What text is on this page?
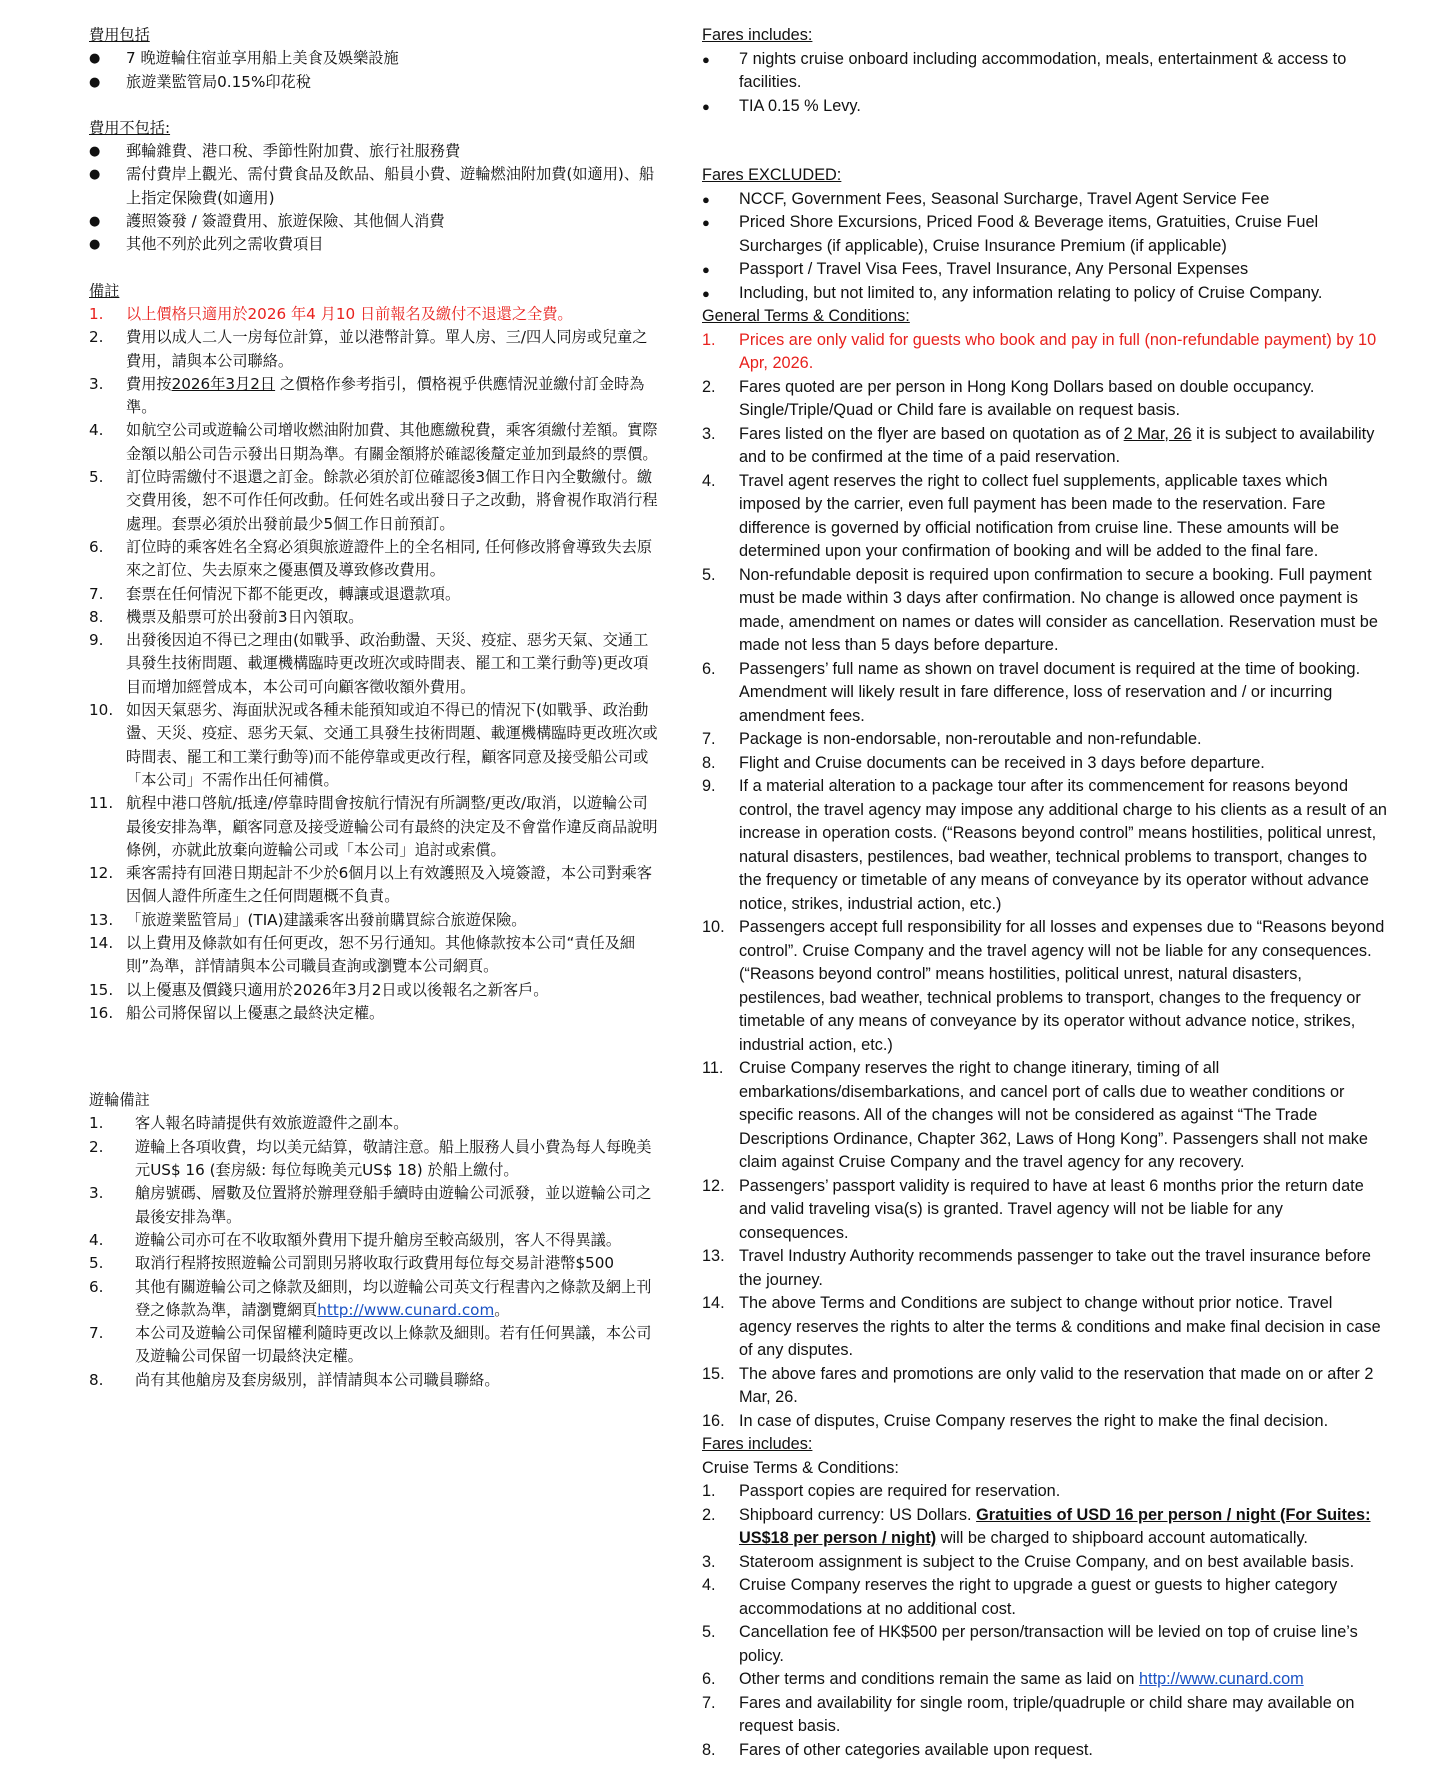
費用包括
● 7 晚遊輪住宿並享用船上美食及娛樂設施
● 旅遊業監管局0.15%印花稅
費用不包括:
● 郵輪雜費、港口稅、季節性附加費、旅行社服務費
● 需付費岸上觀光、需付費食品及飲品、船員小費、遊輪燃油附加費(如適用)、船上指定保險費(如適用)
● 護照簽發 / 簽證費用、旅遊保險、其他個人消費
● 其他不列於此列之需收費項目
備註
1.	以上價格只適用於2026 年4 月10 日前報名及繳付不退還之全費。
2.	費用以成人二人一房每位計算，並以港幣計算。單人房、三/四人同房或兒童之費用，請與本公司聯絡。
3.	費用按2026年3月2日 之價格作參考指引，價格視乎供應情況並繳付訂金時為準。
4.	如航空公司或遊輪公司增收燃油附加費、其他應繳稅費，乘客須繳付差額。實際金額以船公司告示發出日期為準。有關金額將於確認後釐定並加到最終的票價。
5.	訂位時需繳付不退還之訂金。餘款必須於訂位確認後3個工作日內全數繳付。繳交費用後，恕不可作任何改動。任何姓名或出發日子之改動，將會視作取消行程處理。套票必須於出發前最少5個工作日前預訂。
6.	訂位時的乘客姓名全寫必須與旅遊證件上的全名相同, 任何修改將會導致失去原來之訂位、失去原來之優惠價及導致修改費用。
7.	套票在任何情況下都不能更改，轉讓或退還款項。
8.	機票及船票可於出發前3日內領取。
9.	出發後因迫不得已之理由(如戰爭、政治動盪、天災、疫症、惡劣天氣、交通工具發生技術問題、載運機構臨時更改班次或時間表、罷工和工業行動等)更改項目而增加經營成本，本公司可向顧客徵收額外費用。
10. 如因天氣惡劣、海面狀況或各種未能預知或迫不得已的情況下(如戰爭、政治動盪、天災、疫症、惡劣天氣、交通工具發生技術問題、載運機構臨時更改班次或時間表、罷工和工業行動等)而不能停靠或更改行程，顧客同意及接受船公司或「本公司」不需作出任何補償。
11. 航程中港口啓航/抵達/停靠時間會按航行情況有所調整/更改/取消，以遊輪公司最後安排為準，顧客同意及接受遊輪公司有最終的決定及不會當作違反商品說明條例，亦就此放棄向遊輪公司或「本公司」追討或索償。
12. 乘客需持有回港日期起計不少於6個月以上有效護照及入境簽證，本公司對乘客因個人證件所產生之任何問題概不負責。
13. 「旅遊業監管局」(TIA)建議乘客出發前購買綜合旅遊保險。
14. 以上費用及條款如有任何更改，恕不另行通知。其他條款按本公司“責任及細則”為準，詳情請與本公司職員查詢或瀏覽本公司網頁。
15. 以上優惠及價錢只適用於2026年3月2日或以後報名之新客戶。
16. 船公司將保留以上優惠之最終決定權。
遊輪備註
1.	客人報名時請提供有效旅遊證件之副本。
2.	遊輪上各項收費，均以美元結算，敬請注意。船上服務人員小費為每人每晚美元US$ 16 (套房級: 每位每晚美元US$ 18) 於船上繳付。
3.	艙房號碼、層數及位置將於辦理登船手續時由遊輪公司派發，並以遊輪公司之最後安排為準。
4.	遊輪公司亦可在不收取額外費用下提升艙房至較高級別，客人不得異議。
5.	取消行程將按照遊輪公司罰則另將收取行政費用每位每交易計港幣$500
6.	其他有關遊輪公司之條款及細則，均以遊輪公司英文行程書內之條款及網上刊登之條款為準，請瀏覽網頁http://www.cunard.com。
7.	本公司及遊輪公司保留權利隨時更改以上條款及細則。若有任何異議，本公司及遊輪公司保留一切最終決定權。
8.	尚有其他艙房及套房級別，詳情請與本公司職員聯絡。
Fares includes:
● 7 nights cruise onboard including accommodation, meals, entertainment & access to facilities.
● TIA 0.15 % Levy.
Fares EXCLUDED:
● NCCF, Government Fees, Seasonal Surcharge, Travel Agent Service Fee
● Priced Shore Excursions, Priced Food & Beverage items, Gratuities, Cruise Fuel Surcharges (if applicable), Cruise Insurance Premium (if applicable)
● Passport / Travel Visa Fees, Travel Insurance, Any Personal Expenses
● Including, but not limited to, any information relating to policy of Cruise Company.
General Terms & Conditions:
1.	Prices are only valid for guests who book and pay in full (non-refundable payment) by 10 Apr, 2026.
2.	Fares quoted are per person in Hong Kong Dollars based on double occupancy. Single/Triple/Quad or Child fare is available on request basis.
3.	Fares listed on the flyer are based on quotation as of 2 Mar, 26 it is subject to availability and to be confirmed at the time of a paid reservation.
4.	Travel agent reserves the right to collect fuel supplements, applicable taxes which imposed by the carrier, even full payment has been made to the reservation. Fare difference is governed by official notification from cruise line. These amounts will be determined upon your confirmation of booking and will be added to the final fare.
5.	Non-refundable deposit is required upon confirmation to secure a booking. Full payment must be made within 3 days after confirmation. No change is allowed once payment is made, amendment on names or dates will consider as cancellation. Reservation must be made not less than 5 days before departure.
6.	Passengers’ full name as shown on travel document is required at the time of booking. Amendment will likely result in fare difference, loss of reservation and / or incurring amendment fees.
7.	Package is non-endorsable, non-reroutable and non-refundable.
8.	Flight and Cruise documents can be received in 3 days before departure.
9.	If a material alteration to a package tour after its commencement for reasons beyond control, the travel agency may impose any additional charge to his clients as a result of an increase in operation costs. (“Reasons beyond control” means hostilities, political unrest, natural disasters, pestilences, bad weather, technical problems to transport, changes to the frequency or timetable of any means of conveyance by its operator without advance notice, strikes, industrial action, etc.)
10. Passengers accept full responsibility for all losses and expenses due to “Reasons beyond control”. Cruise Company and the travel agency will not be liable for any consequences. (“Reasons beyond control” means hostilities, political unrest, natural disasters, pestilences, bad weather, technical problems to transport, changes to the frequency or timetable of any means of conveyance by its operator without advance notice, strikes, industrial action, etc.)
11. Cruise Company reserves the right to change itinerary, timing of all embarkations/disembarkations, and cancel port of calls due to weather conditions or specific reasons. All of the changes will not be considered as against “The Trade Descriptions Ordinance, Chapter 362, Laws of Hong Kong”. Passengers shall not make claim against Cruise Company and the travel agency for any recovery.
12. Passengers’ passport validity is required to have at least 6 months prior the return date and valid traveling visa(s) is granted. Travel agency will not be liable for any consequences.
13. Travel Industry Authority recommends passenger to take out the travel insurance before the journey.
14. The above Terms and Conditions are subject to change without prior notice. Travel agency reserves the rights to alter the terms & conditions and make final decision in case of any disputes.
15. The above fares and promotions are only valid to the reservation that made on or after 2 Mar, 26.
16. In case of disputes, Cruise Company reserves the right to make the final decision.
Fares includes:
Cruise Terms & Conditions:
1.	Passport copies are required for reservation.
2.	Shipboard currency: US Dollars. Gratuities of USD 16 per person / night (For Suites: US$18 per person / night) will be charged to shipboard account automatically.
3.	Stateroom assignment is subject to the Cruise Company, and on best available basis.
4.	Cruise Company reserves the right to upgrade a guest or guests to higher category accommodations at no additional cost.
5.	Cancellation fee of HK$500 per person/transaction will be levied on top of cruise line’s policy.
6.	Other terms and conditions remain the same as laid on http://www.cunard.com
7.	Fares and availability for single room, triple/quadruple or child share may available on request basis.
8.	Fares of other categories available upon request.
